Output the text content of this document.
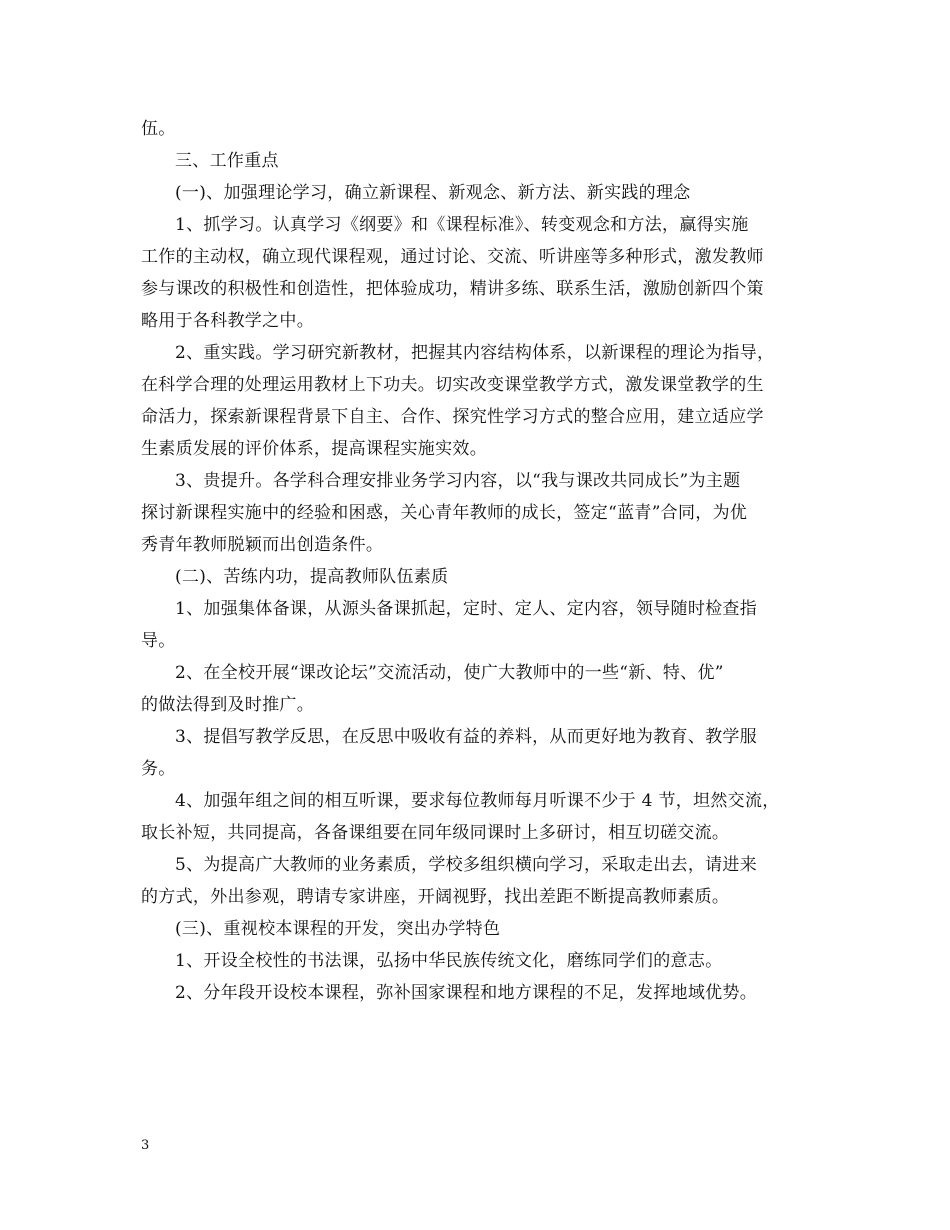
伍。
三、工作重点
(一)、加强理论学习，确立新课程、新观念、新方法、新实践的理念
1、抓学习。认真学习《纲要》和《课程标准》、转变观念和方法，赢得实施
工作的主动权，确立现代课程观，通过讨论、交流、听讲座等多种形式，激发教师
参与课改的积极性和创造性，把体验成功，精讲多练、联系生活，激励创新四个策
略用于各科教学之中。
2、重实践。学习研究新教材，把握其内容结构体系，以新课程的理论为指导，
在科学合理的处理运用教材上下功夫。切实改变课堂教学方式，激发课堂教学的生
命活力，探索新课程背景下自主、合作、探究性学习方式的整合应用，建立适应学
生素质发展的评价体系，提高课程实施实效。
3、贵提升。各学科合理安排业务学习内容，以“我与课改共同成长”为主题
探讨新课程实施中的经验和困惑，关心青年教师的成长，签定“蓝青”合同，为优
秀青年教师脱颖而出创造条件。
(二)、苦练内功，提高教师队伍素质
1、加强集体备课，从源头备课抓起，定时、定人、定内容，领导随时检查指
导。
2、在全校开展“课改论坛”交流活动，使广大教师中的一些“新、特、优”
的做法得到及时推广。
3、提倡写教学反思，在反思中吸收有益的养料，从而更好地为教育、教学服
务。
4、加强年组之间的相互听课，要求每位教师每月听课不少于 4 节，坦然交流，
取长补短，共同提高，各备课组要在同年级同课时上多研讨，相互切磋交流。
5、为提高广大教师的业务素质，学校多组织横向学习，采取走出去，请进来
的方式，外出参观，聘请专家讲座，开阔视野，找出差距不断提高教师素质。
(三)、重视校本课程的开发，突出办学特色
1、开设全校性的书法课，弘扬中华民族传统文化，磨练同学们的意志。
2、分年段开设校本课程，弥补国家课程和地方课程的不足，发挥地域优势。
3
